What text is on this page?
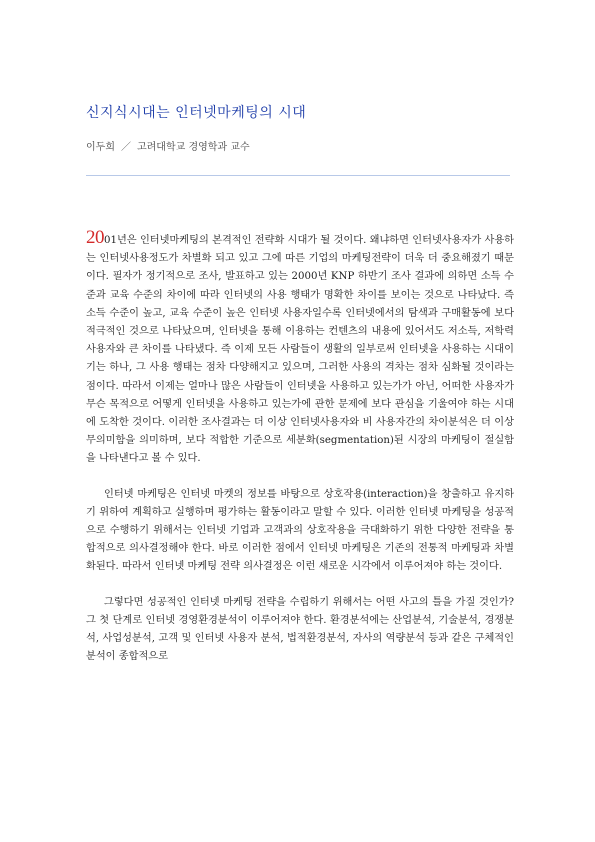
신지식시대는 인터넷마케팅의 시대
이두희 ／ 고려대학교 경영학과 교수

2001년은 인터넷마케팅의 본격적인 전략화 시대가 될 것이다. 왜냐하면 인터넷사용자가 사용하는 인터넷사용정도가 차별화 되고 있고 그에 따른 기업의 마케팅전략이 더욱 더 중요해졌기 때문이다. 필자가 정기적으로 조사, 발표하고 있는 2000년 KNP 하반기 조사 결과에 의하면 소득 수준과 교육 수준의 차이에 따라 인터넷의 사용 행태가 명확한 차이를 보이는 것으로 나타났다. 즉 소득 수준이 높고, 교육 수준이 높은 인터넷 사용자일수록 인터넷에서의 탐색과 구매활동에 보다 적극적인 것으로 나타났으며, 인터넷을 통해 이용하는 컨텐츠의 내용에 있어서도 저소득, 저학력 사용자와 큰 차이를 나타냈다. 즉 이제 모든 사람들이 생활의 일부로써 인터넷을 사용하는 시대이기는 하나, 그 사용 행태는 점차 다양해지고 있으며, 그러한 사용의 격차는 점차 심화될 것이라는 점이다. 따라서 이제는 얼마나 많은 사람들이 인터넷을 사용하고 있는가가 아닌, 어떠한 사용자가 무슨 목적으로 어떻게 인터넷을 사용하고 있는가에 관한 문제에 보다 관심을 기울여야 하는 시대에 도착한 것이다. 이러한 조사결과는 더 이상 인터넷사용자와 비 사용자간의 차이분석은 더 이상 무의미함을 의미하며, 보다 적합한 기준으로 세분화(segmentation)된 시장의 마케팅이 절실함을 나타낸다고 볼 수 있다.

인터넷 마케팅은 인터넷 마켓의 정보를 바탕으로 상호작용(interaction)을 창출하고 유지하기 위하여 계획하고 실행하며 평가하는 활동이라고 말할 수 있다. 이러한 인터넷 마케팅을 성공적으로 수행하기 위해서는 인터넷 기업과 고객과의 상호작용을 극대화하기 위한 다양한 전략을 통합적으로 의사결정해야 한다. 바로 이러한 점에서 인터넷 마케팅은 기존의 전통적 마케팅과 차별화된다. 따라서 인터넷 마케팅 전략 의사결정은 이런 새로운 시각에서 이루어져야 하는 것이다.

그렇다면 성공적인 인터넷 마케팅 전략을 수립하기 위해서는 어떤 사고의 틀을 가질 것인가? 그 첫 단계로 인터넷 경영환경분석이 이루어져야 한다. 환경분석에는 산업분석, 기술분석, 경쟁분석, 사업성분석, 고객 및 인터넷 사용자 분석, 법적환경분석, 자사의 역량분석 등과 같은 구체적인 분석이 종합적으로
